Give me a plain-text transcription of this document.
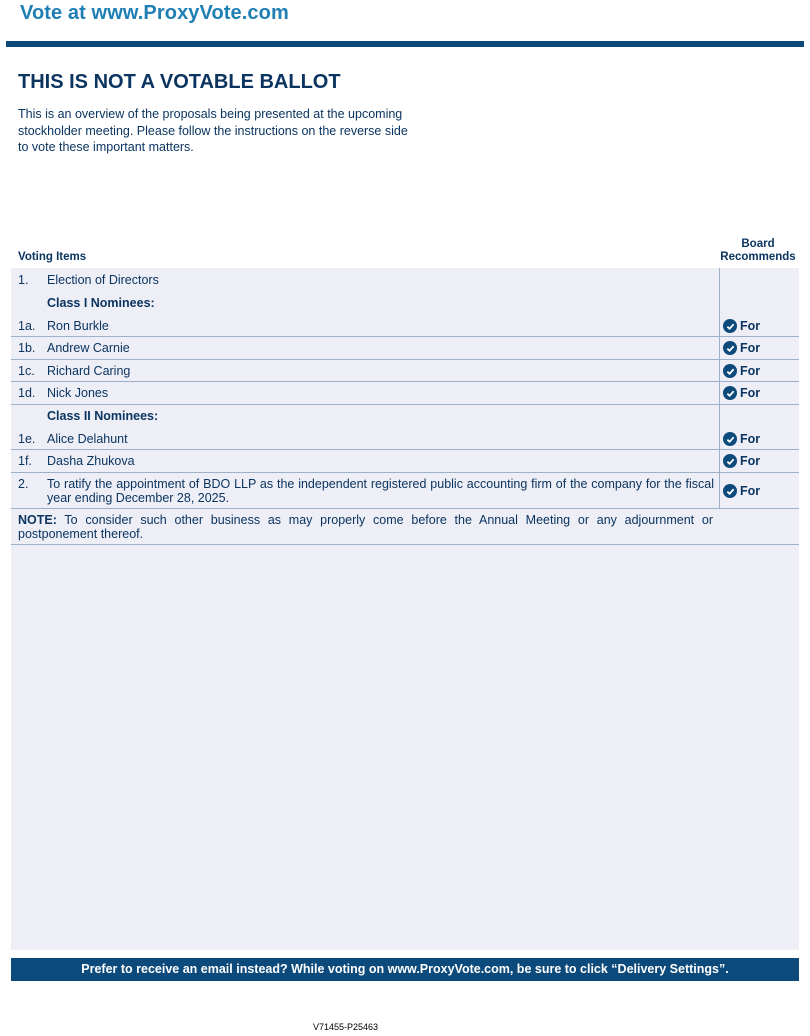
Vote at www.ProxyVote.com
THIS IS NOT A VOTABLE BALLOT

This is an overview of the proposals being presented at the upcoming stockholder meeting. Please follow the instructions on the reverse side to vote these important matters.

Voting Items
Board
Recommends
1. Election of Directors
Class I Nominees:
1a. Ron Burkle	For
1b. Andrew Carnie	For
1c. Richard Caring	For
1d. Nick Jones	For
Class II Nominees:
1e. Alice Delahunt	For
1f. Dasha Zhukova	For
2. To ratify the appointment of BDO LLP as the independent registered public accounting firm of the company for the fiscal year ending December 28, 2025.	For
NOTE: To consider such other business as may properly come before the Annual Meeting or any adjournment or postponement thereof.
Prefer to receive an email instead? While voting on www.ProxyVote.com, be sure to click “Delivery Settings”.
V71455-P25463
